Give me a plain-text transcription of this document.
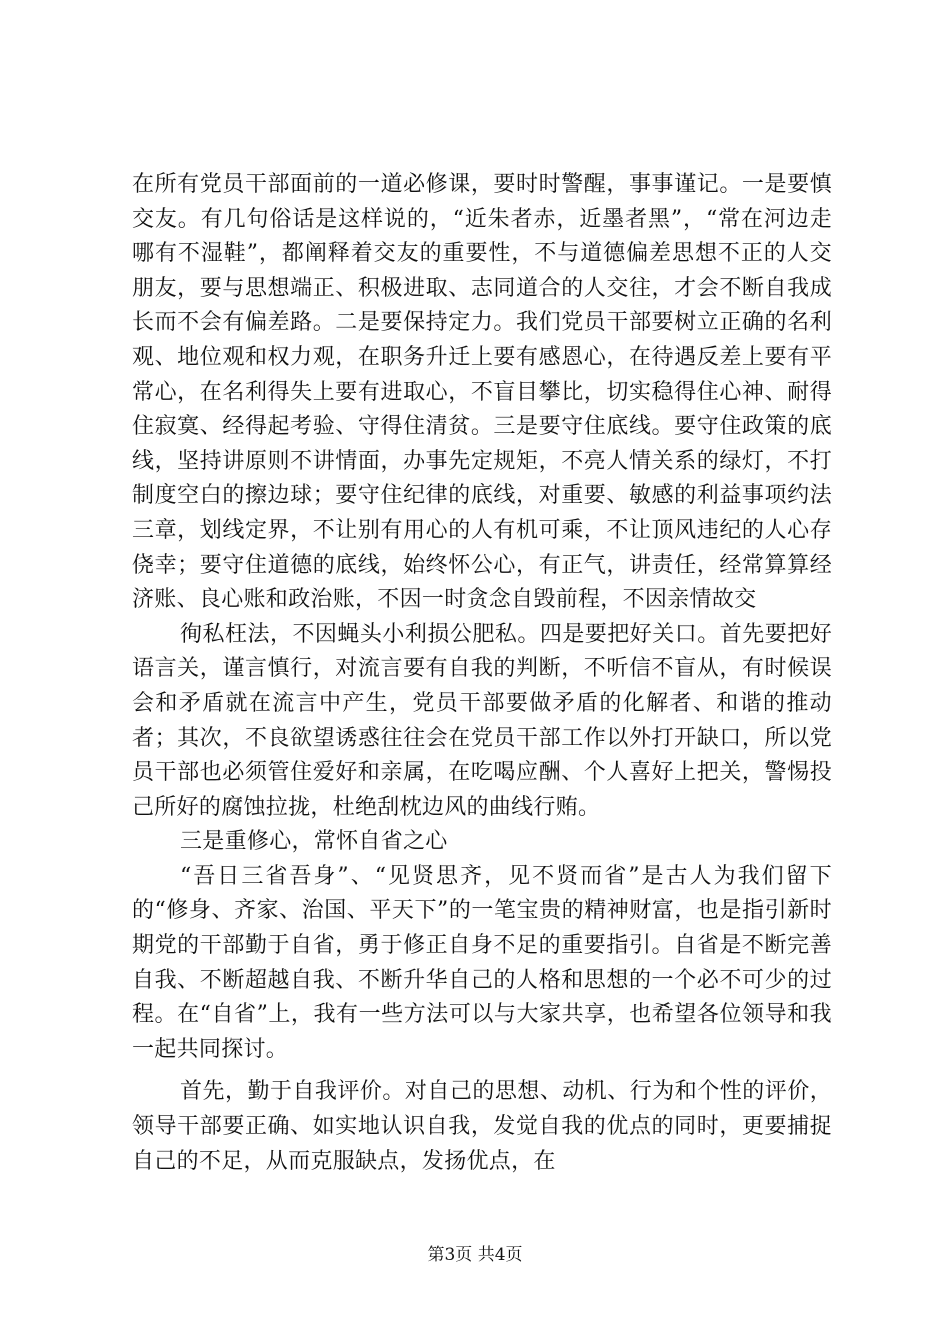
在所有党员干部面前的一道必修课，要时时警醒，事事谨记。一是要慎交友。有几句俗话是这样说的，“近朱者赤，近墨者黑”，“常在河边走哪有不湿鞋”，都阐释着交友的重要性，不与道德偏差思想不正的人交朋友，要与思想端正、积极进取、志同道合的人交往，才会不断自我成长而不会有偏差路。二是要保持定力。我们党员干部要树立正确的名利观、地位观和权力观，在职务升迁上要有感恩心，在待遇反差上要有平常心，在名利得失上要有进取心，不盲目攀比，切实稳得住心神、耐得住寂寞、经得起考验、守得住清贫。三是要守住底线。要守住政策的底线，坚持讲原则不讲情面，办事先定规矩，不亮人情关系的绿灯，不打制度空白的擦边球；要守住纪律的底线，对重要、敏感的利益事项约法三章，划线定界，不让别有用心的人有机可乘，不让顶风违纪的人心存侥幸；要守住道德的底线，始终怀公心，有正气，讲责任，经常算算经济账、良心账和政治账，不因一时贪念自毁前程，不因亲情故交

徇私枉法，不因蝇头小利损公肥私。四是要把好关口。首先要把好语言关，谨言慎行，对流言要有自我的判断，不听信不盲从，有时候误会和矛盾就在流言中产生，党员干部要做矛盾的化解者、和谐的推动者；其次，不良欲望诱惑往往会在党员干部工作以外打开缺口，所以党员干部也必须管住爱好和亲属，在吃喝应酬、个人喜好上把关，警惕投己所好的腐蚀拉拢，杜绝刮枕边风的曲线行贿。

三是重修心，常怀自省之心

“吾日三省吾身”、“见贤思齐，见不贤而省”是古人为我们留下的“修身、齐家、治国、平天下”的一笔宝贵的精神财富，也是指引新时期党的干部勤于自省，勇于修正自身不足的重要指引。自省是不断完善自我、不断超越自我、不断升华自己的人格和思想的一个必不可少的过程。在“自省”上，我有一些方法可以与大家共享，也希望各位领导和我一起共同探讨。

首先，勤于自我评价。对自己的思想、动机、行为和个性的评价，领导干部要正确、如实地认识自我，发觉自我的优点的同时，更要捕捉自己的不足，从而克服缺点，发扬优点，在

第3页 共4页
